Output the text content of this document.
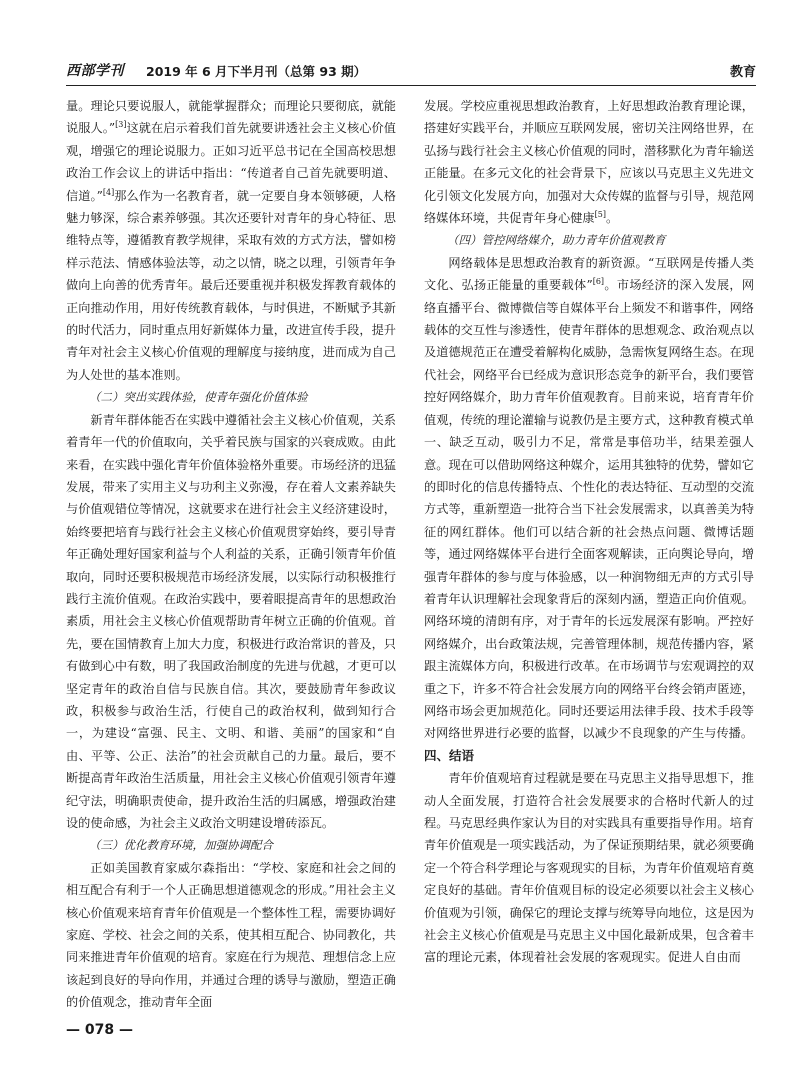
西部学刊 2019 年 6 月下半月刊（总第 93 期）	教育

量。理论只要说服人，就能掌握群众；而理论只要彻底，就能说服人。”[3]这就在启示着我们首先就要讲透社会主义核心价值观，增强它的理论说服力。正如习近平总书记在全国高校思想政治工作会议上的讲话中指出：“传道者自己首先就要明道、信道。”[4]那么作为一名教育者，就一定要自身本领够硬，人格魅力够深，综合素养够强。其次还要针对青年的身心特征、思维特点等，遵循教育教学规律，采取有效的方式方法，譬如榜样示范法、情感体验法等，动之以情，晓之以理，引领青年争做向上向善的优秀青年。最后还要重视并积极发挥教育载体的正向推动作用，用好传统教育载体，与时俱进，不断赋予其新的时代活力，同时重点用好新媒体力量，改进宣传手段，提升青年对社会主义核心价值观的理解度与接纳度，进而成为自己为人处世的基本准则。

（二）突出实践体验，使青年强化价值体验

新青年群体能否在实践中遵循社会主义核心价值观，关系着青年一代的价值取向，关乎着民族与国家的兴衰成败。由此来看，在实践中强化青年价值体验格外重要。市场经济的迅猛发展，带来了实用主义与功利主义弥漫，存在着人文素养缺失与价值观错位等情况，这就要求在进行社会主义经济建设时，始终要把培育与践行社会主义核心价值观贯穿始终，要引导青年正确处理好国家利益与个人利益的关系，正确引领青年价值取向，同时还要积极规范市场经济发展，以实际行动积极推行践行主流价值观。在政治实践中，要着眼提高青年的思想政治素质，用社会主义核心价值观帮助青年树立正确的价值观。首先，要在国情教育上加大力度，积极进行政治常识的普及，只有做到心中有数，明了我国政治制度的先进与优越，才更可以坚定青年的政治自信与民族自信。其次，要鼓励青年参政议政，积极参与政治生活，行使自己的政治权利，做到知行合一，为建设“富强、民主、文明、和谐、美丽”的国家和“自由、平等、公正、法治”的社会贡献自己的力量。最后，要不断提高青年政治生活质量，用社会主义核心价值观引领青年遵纪守法，明确职责使命，提升政治生活的归属感，增强政治建设的使命感，为社会主义政治文明建设增砖添瓦。

（三）优化教育环境，加强协调配合

正如美国教育家威尔森指出：“学校、家庭和社会之间的相互配合有利于一个人正确思想道德观念的形成。”用社会主义核心价值观来培育青年价值观是一个整体性工程，需要协调好家庭、学校、社会之间的关系，使其相互配合、协同教化，共同来推进青年价值观的培育。家庭在行为规范、理想信念上应该起到良好的导向作用，并通过合理的诱导与激励，塑造正确的价值观念，推动青年全面

发展。学校应重视思想政治教育，上好思想政治教育理论课，搭建好实践平台，并顺应互联网发展，密切关注网络世界，在弘扬与践行社会主义核心价值观的同时，潜移默化为青年输送正能量。在多元文化的社会背景下，应该以马克思主义先进文化引领文化发展方向，加强对大众传媒的监督与引导，规范网络媒体环境，共促青年身心健康[5]。

（四）管控网络媒介，助力青年价值观教育

网络载体是思想政治教育的新资源。“互联网是传播人类文化、弘扬正能量的重要载体”[6]。市场经济的深入发展，网络直播平台、微博微信等自媒体平台上频发不和谐事件，网络载体的交互性与渗透性，使青年群体的思想观念、政治观点以及道德规范正在遭受着解构化威胁，急需恢复网络生态。在现代社会，网络平台已经成为意识形态竞争的新平台，我们要管控好网络媒介，助力青年价值观教育。目前来说，培育青年价值观，传统的理论灌输与说教仍是主要方式，这种教育模式单一、缺乏互动，吸引力不足，常常是事倍功半，结果差强人意。现在可以借助网络这种媒介，运用其独特的优势，譬如它的即时化的信息传播特点、个性化的表达特征、互动型的交流方式等，重新塑造一批符合当下社会发展需求，以真善美为特征的网红群体。他们可以结合新的社会热点问题、微博话题等，通过网络媒体平台进行全面客观解读，正向舆论导向，增强青年群体的参与度与体验感，以一种润物细无声的方式引导着青年认识理解社会现象背后的深刻内涵，塑造正向价值观。网络环境的清朗有序，对于青年的长远发展深有影响。严控好网络媒介，出台政策法规，完善管理体制，规范传播内容，紧跟主流媒体方向，积极进行改革。在市场调节与宏观调控的双重之下，许多不符合社会发展方向的网络平台终会销声匿迹，网络市场会更加规范化。同时还要运用法律手段、技术手段等对网络世界进行必要的监督，以减少不良现象的产生与传播。

四、结语

青年价值观培育过程就是要在马克思主义指导思想下，推动人全面发展，打造符合社会发展要求的合格时代新人的过程。马克思经典作家认为目的对实践具有重要指导作用。培育青年价值观是一项实践活动，为了保证预期结果，就必须要确定一个符合科学理论与客观现实的目标，为青年价值观培育奠定良好的基础。青年价值观目标的设定必须要以社会主义核心价值观为引领，确保它的理论支撑与统筹导向地位，这是因为社会主义核心价值观是马克思主义中国化最新成果，包含着丰富的理论元素，体现着社会发展的客观现实。促进人自由而

— 078 —
